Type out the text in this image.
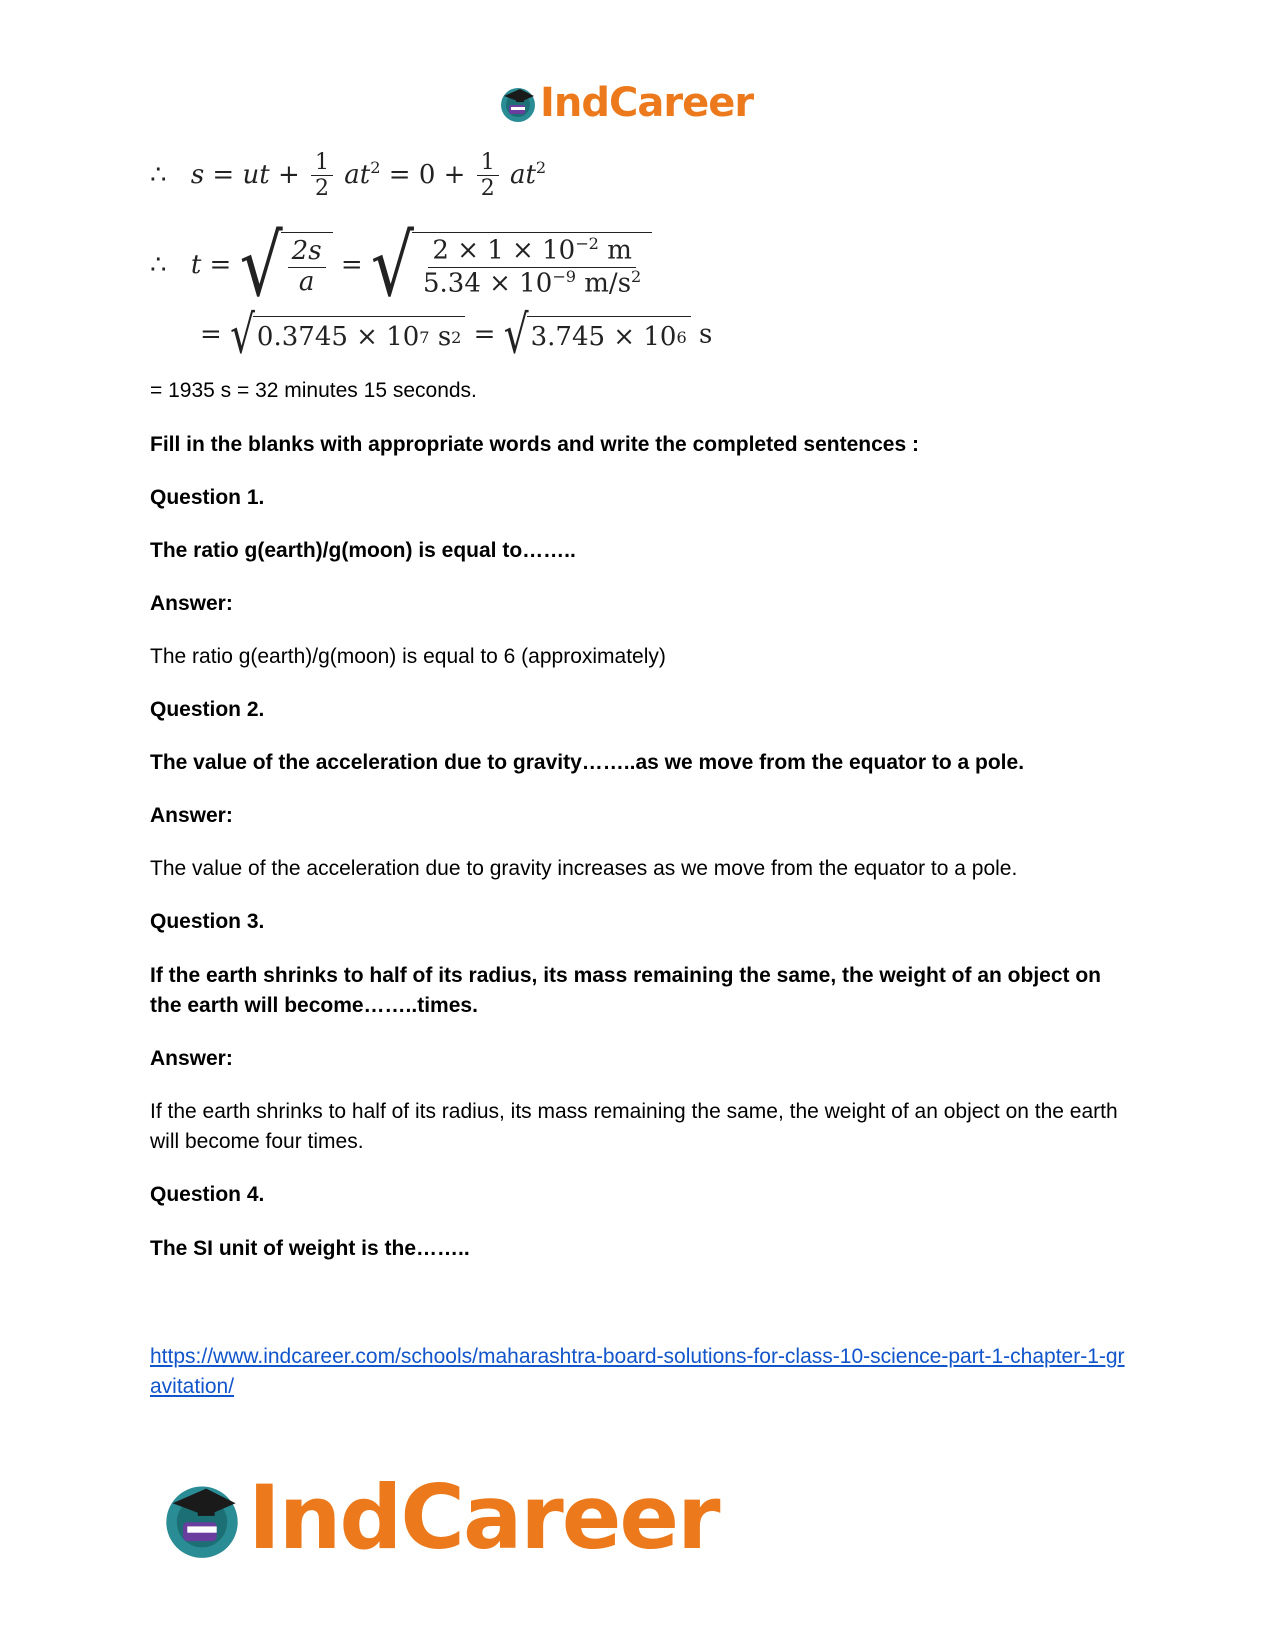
IndCareer
∴ s = ut + $\frac{1}{2} at^2 = 0 + \frac{1}{2} at^2$
∴ t = √ $\frac{2s}{a}$ = √ $\frac{2 \times 1 \times 10^{-2} m}{5.34 \times 10^{-9} m/s^2}$
= √ 0.3745 × 10 7
s 2 = √ 3.745 × 10 6 s
= 1935 s = 32 minutes 15 seconds.
Fill in the blanks with appropriate words and write the completed sentences :
Question 1.
The ratio g(earth)/g(moon) is equal to……..
Answer:
The ratio g(earth)/g(moon) is equal to 6 (approximately)
Question 2.
The value of the acceleration due to gravity……..as we move from the equator to a pole.
Answer:
The value of the acceleration due to gravity increases as we move from the equator to a pole.
Question 3.
If the earth shrinks to half of its radius, its mass remaining the same, the weight of an object on the earth will become……..times.
Answer:
If the earth shrinks to half of its radius, its mass remaining the same, the weight of an object on the earth will become four times.
Question 4.
The SI unit of weight is the……..
https://www.indcareer.com/schools/maharashtra-board-solutions-for-class-10-science-part-1-chapter-1-gravitation/
IndCareer
